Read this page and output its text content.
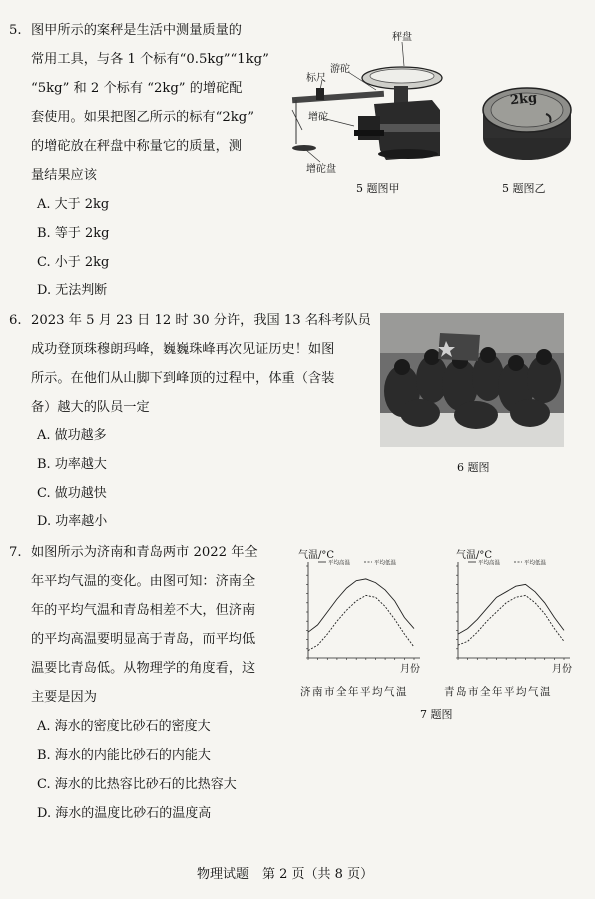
5. 图甲所示的案秤是生活中测量质量的
常用工具，与各 1 个标有“0.5kg”“1kg”
“5kg” 和 2 个标有 “2kg” 的增砣配
套使用。如果把图乙所示的标有“2kg”
的增砣放在秤盘中称量它的质量，测
量结果应该
A. 大于 2kg
B. 等于 2kg
C. 小于 2kg
D. 无法判断
秤盘
游砣
标尺
增砣
增砣盘
5 题图甲
2kg
5 题图乙
6. 2023 年 5 月 23 日 12 时 30 分许，我国 13 名科考队员
成功登顶珠穆朗玛峰，巍巍珠峰再次见证历史！如图
所示。在他们从山脚下到峰顶的过程中，体重（含装
备）越大的队员一定
A. 做功越多
B. 功率越大
C. 做功越快
D. 功率越小
6 题图
7. 如图所示为济南和青岛两市 2022 年全
年平均气温的变化。由图可知：济南全
年的平均气温和青岛相差不大，但济南
的平均高温要明显高于青岛，而平均低
温要比青岛低。从物理学的角度看，这
主要是因为
A. 海水的密度比砂石的密度大
B. 海水的内能比砂石的内能大
C. 海水的比热容比砂石的比热容大
D. 海水的温度比砂石的温度高
气温/°C
平均高温	平均低温
月份
济南市全年平均气温
气温/°C
平均高温	平均低温
月份
青岛市全年平均气温
7 题图
物理试题　第 2 页（共 8 页）
